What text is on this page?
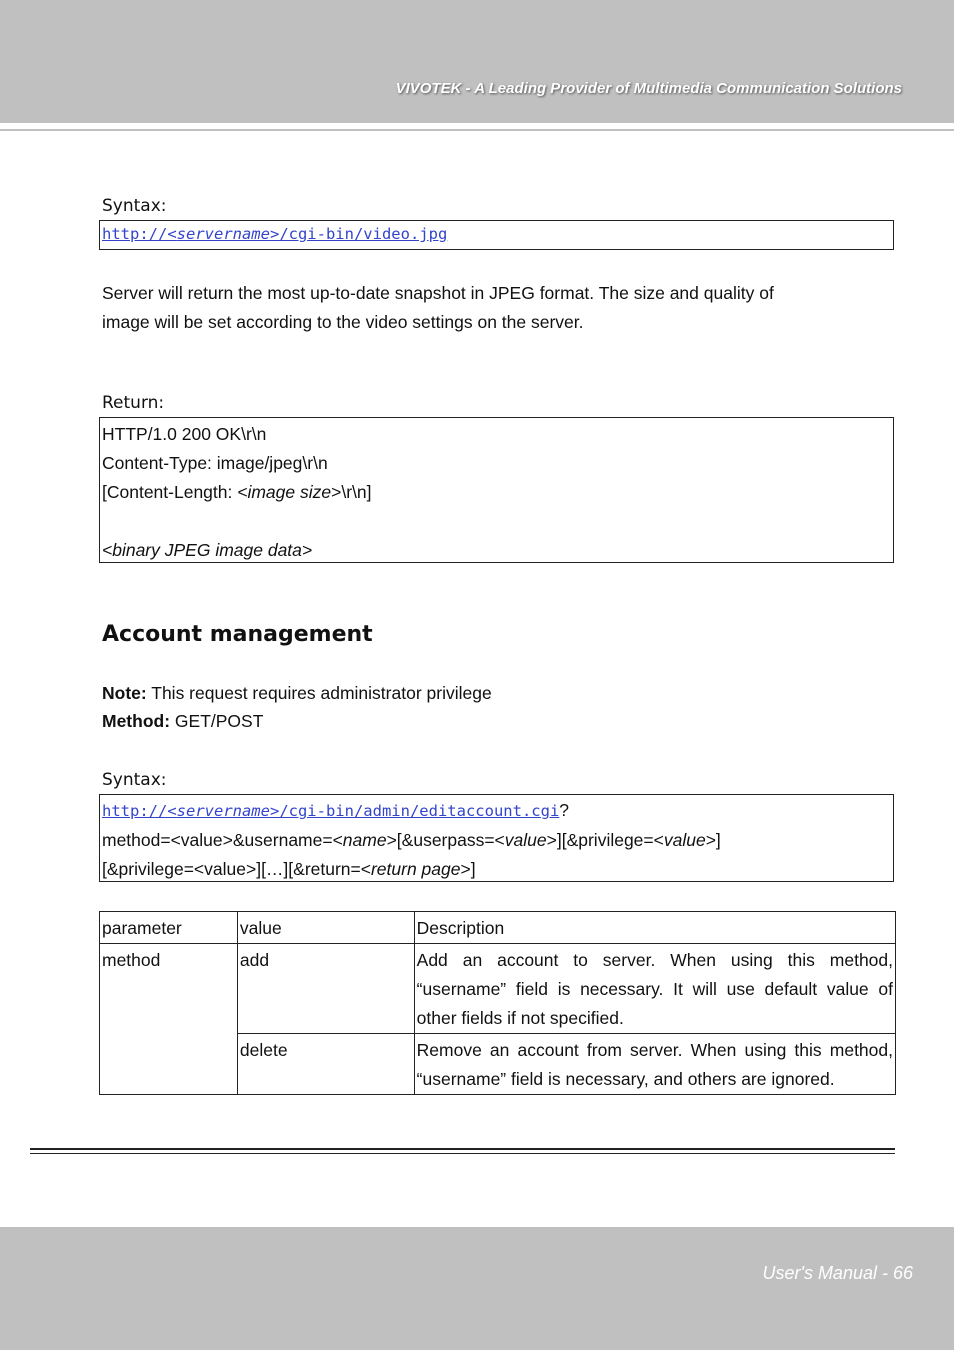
VIVOTEK - A Leading Provider of Multimedia Communication Solutions
Syntax:
http://<servername>/cgi-bin/video.jpg
Server will return the most up-to-date snapshot in JPEG format. The size and quality of
image will be set according to the video settings on the server.
Return:
HTTP/1.0 200 OK\r\n
Content-Type: image/jpeg\r\n
[Content-Length: <image size>\r\n]

<binary JPEG image data>
Account management
Note: This request requires administrator privilege
Method: GET/POST
Syntax:
http://<servername>/cgi-bin/admin/editaccount.cgi?
method=<value>&username=<name>[&userpass=<value>][&privilege=<value>]
[&privilege=<value>][…][&return=<return page>]
parameter	value	Description
method	add	Add an account to server. When using this method, “username” field is necessary. It will use default value of other fields if not specified.
	delete	Remove an account from server. When using this method, “username” field is necessary, and others are ignored.
User's Manual - 66
